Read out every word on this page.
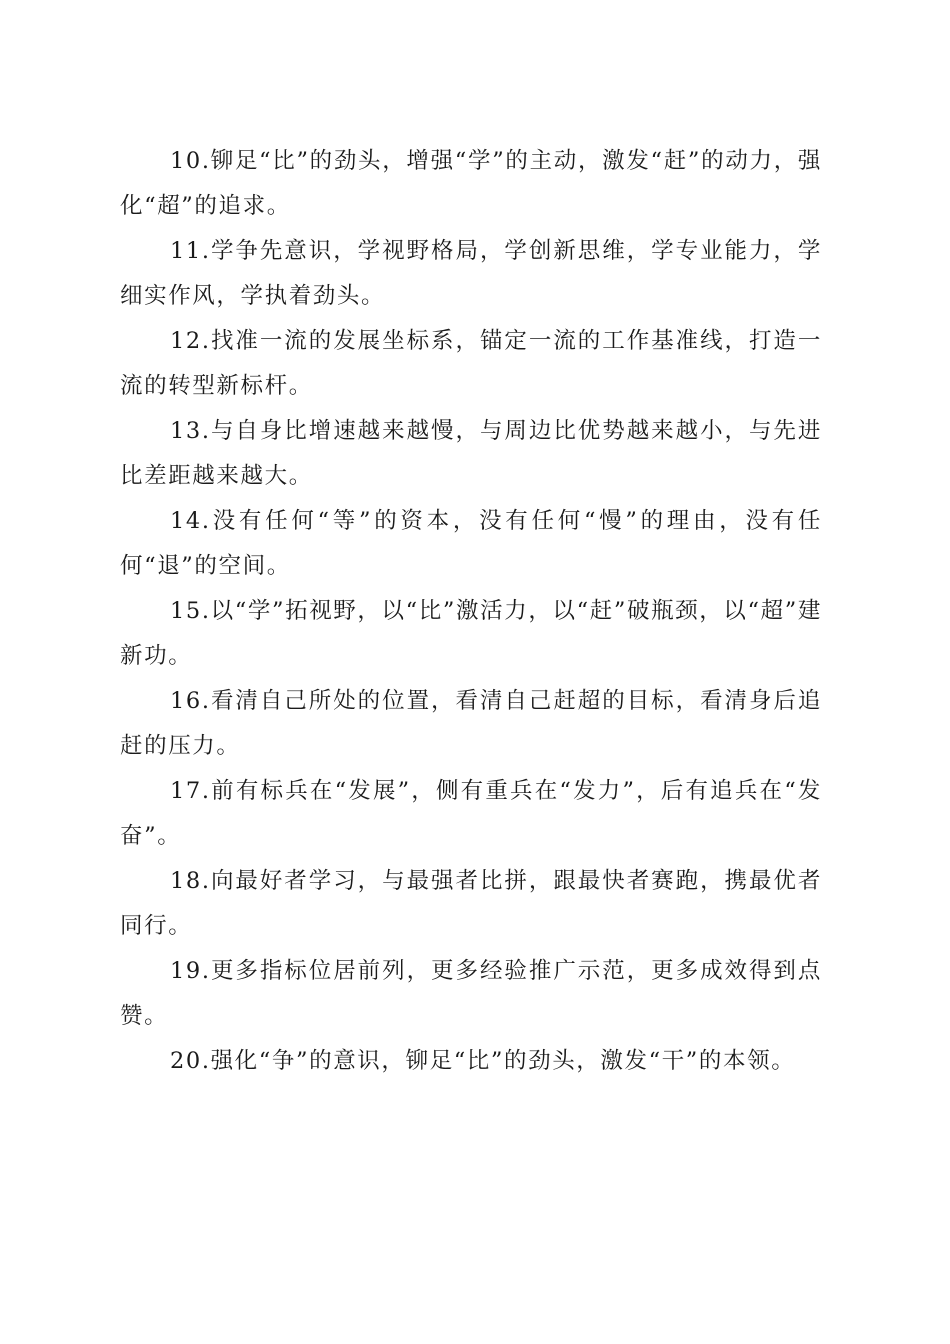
10.铆足“比”的劲头，增强“学”的主动，激发“赶”的动力，强化“超”的追求。

11.学争先意识，学视野格局，学创新思维，学专业能力，学细实作风，学执着劲头。

12.找准一流的发展坐标系，锚定一流的工作基准线，打造一流的转型新标杆。

13.与自身比增速越来越慢，与周边比优势越来越小，与先进比差距越来越大。

14.没有任何“等”的资本，没有任何“慢”的理由，没有任何“退”的空间。

15.以“学”拓视野，以“比”激活力，以“赶”破瓶颈，以“超”建新功。

16.看清自己所处的位置，看清自己赶超的目标，看清身后追赶的压力。

17.前有标兵在“发展”，侧有重兵在“发力”，后有追兵在“发奋”。

18.向最好者学习，与最强者比拼，跟最快者赛跑，携最优者同行。

19.更多指标位居前列，更多经验推广示范，更多成效得到点赞。

20.强化“争”的意识，铆足“比”的劲头，激发“干”的本领。
